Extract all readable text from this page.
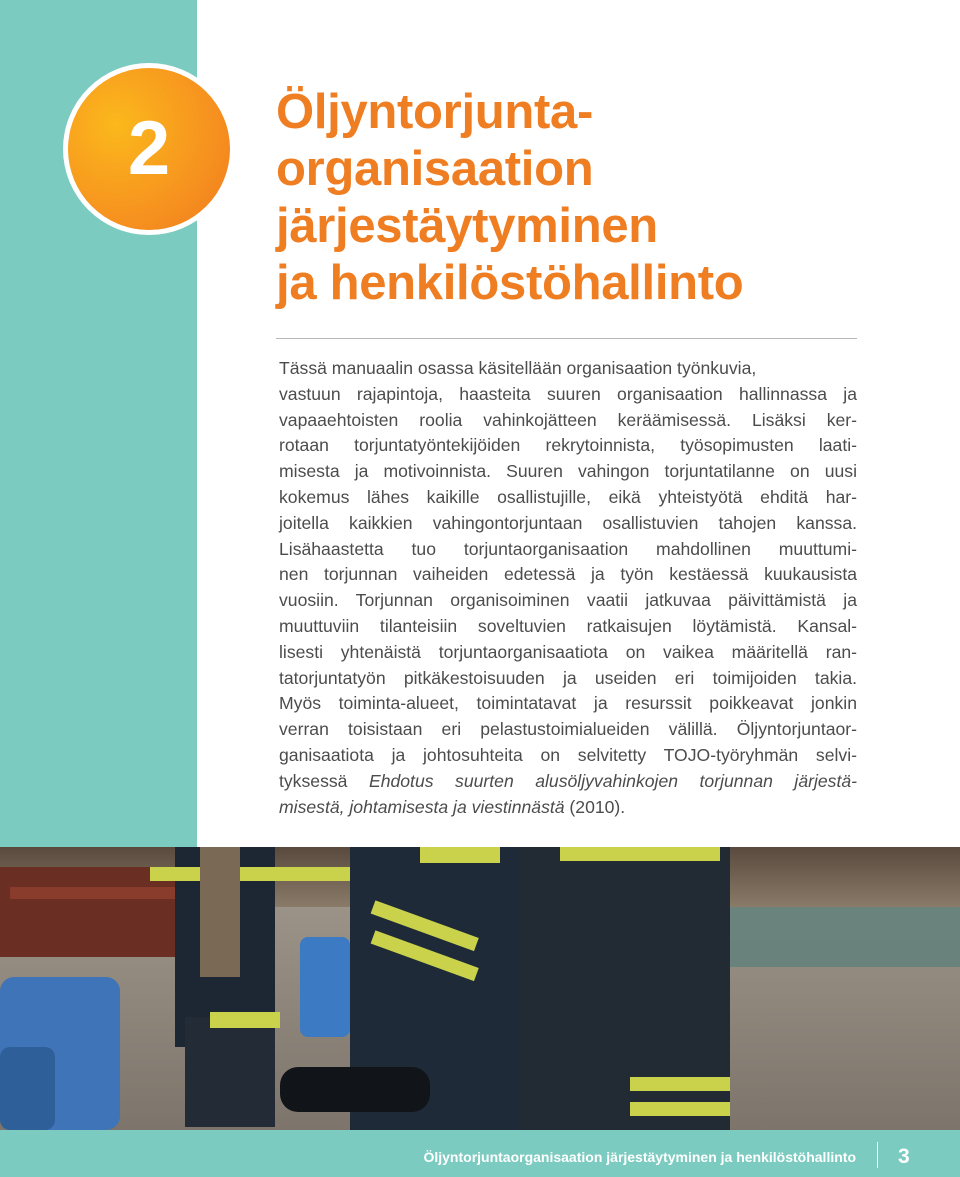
2 Öljyntorjunta-
organisaation
järjestäytyminen
ja henkilöstöhallinto

Tässä manuaalin osassa käsitellään organisaation työnkuvia,
vastuun rajapintoja, haasteita suuren organisaation hallinnassa ja
vapaaehtoisten roolia vahinkojätteen keräämisessä. Lisäksi ker-
rotaan torjuntatyöntekijöiden rekrytoinnista, työsopimusten laati-
misesta ja motivoinnista. Suuren vahingon torjuntatilanne on uusi
kokemus lähes kaikille osallistujille, eikä yhteistyötä ehditä har-
joitella kaikkien vahingontorjuntaan osallistuvien tahojen kanssa.
Lisähaastetta tuo torjuntaorganisaation mahdollinen muuttumi-
nen torjunnan vaiheiden edetessä ja työn kestäessä kuukausista
vuosiin. Torjunnan organisoiminen vaatii jatkuvaa päivittämistä ja
muuttuviin tilanteisiin soveltuvien ratkaisujen löytämistä. Kansal-
lisesti yhtenäistä torjuntaorganisaatiota on vaikea määritellä ran-
tatorjuntatyön pitkäkestoisuuden ja useiden eri toimijoiden takia.
Myös toiminta-alueet, toimintatavat ja resurssit poikkeavat jonkin
verran toisistaan eri pelastustoimialueiden välillä. Öljyntorjuntaor-
ganisaatiota ja johtosuhteita on selvitetty TOJO-työryhmän selvi-
tyksessä Ehdotus suurten alusöljyvahinkojen torjunnan järjestä-
misestä, johtamisesta ja viestinnästä (2010).

Öljyntorjuntaorganisaation järjestäytyminen ja henkilöstöhallinto 3
